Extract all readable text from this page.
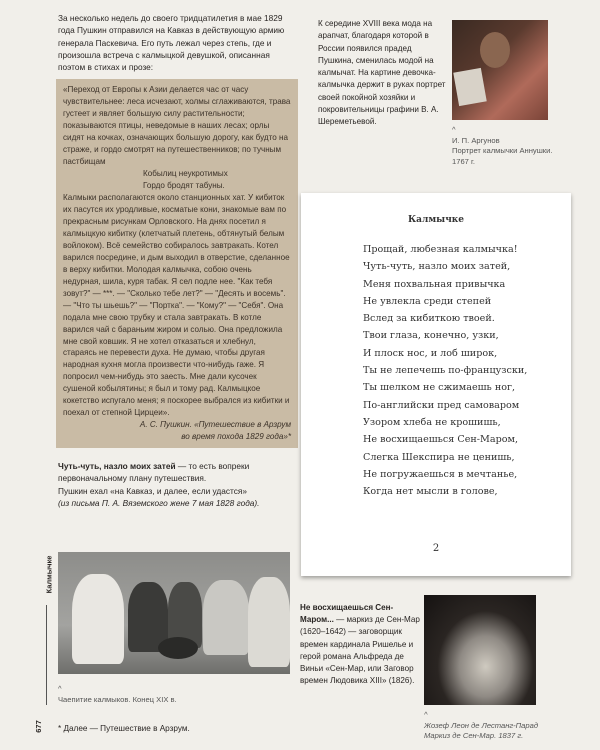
За несколько недель до своего тридцатилетия в мае 1829 года Пушкин отправился на Кавказ в действующую армию генерала Паскевича. Его путь лежал через степь, где и произошла встреча с калмыцкой девушкой, описанная поэтом в стихах и прозе:
«Переход от Европы к Азии делается час от часу чувствительнее: леса исчезают, холмы сглаживаются, трава густеет и являет большую силу растительности; показываются птицы, неведомые в наших лесах; орлы сидят на кочках, означающих большую дорогу, как будто на страже, и гордо смотрят на путешественников; по тучным пастбищам
Кобылиц неукротимых
Гордо бродят табуны.
Калмыки располагаются около станционных хат. У кибиток их пасутся их уродливые, косматые кони, знакомые вам по прекрасным рисункам Орловского. На днях посетил я калмыцкую кибитку (клетчатый плетень, обтянутый белым войлоком). Всё семейство собиралось завтракать. Котел варился посредине, и дым выходил в отверстие, сделанное в верху кибитки. Молодая калмычка, собою очень недурная, шила, куря табак. Я сел подле нее. "Как тебя зовут?" — ***. — "Сколько тебе лет?" — "Десять и восемь". — "Что ты шьешь?" — "Портка". — "Кому?" — "Себя". Она подала мне свою трубку и стала завтракать. В котле варился чай с бараньим жиром и солью. Она предложила мне свой ковшик. Я не хотел отказаться и хлебнул, стараясь не перевести духа. Не думаю, чтобы другая народная кухня могла произвести что-нибудь гаже. Я попросил чем-нибудь это заесть. Мне дали кусочек сушеной кобылятины; я был и тому рад. Калмыцкое кокетство испугало меня; я поскорее выбрался из кибитки и поехал от степной Цирцеи».
А. С. Пушкин. «Путешествие в Арзрум
во время похода 1829 года»*
Чуть-чуть, назло моих затей — то есть вопреки первоначальному плану путешествия.
Пушкин ехал «на Кавказ, и далее, если удастся»
(из письма П. А. Вяземского жене 7 мая 1828 года).
К середине XVIII века мода на арапчат, благодаря которой в России появился прадед Пушкина, сменилась модой на калмычат. На картине девочка-калмычка держит в руках портрет своей покойной хозяйки и покровительницы графини В. А. Шереметьевой.
^
И. П. Аргунов
Портрет калмычки Аннушки. 1767 г.
Калмычке
Прощай, любезная калмычка!
Чуть-чуть, назло моих затей,
Меня похвальная привычка
Не увлекла среди степей
Вслед за кибиткою твоей.
Твои глаза, конечно, узки,
И плоск нос, и лоб широк,
Ты не лепечешь по-французски,
Ты шелком не сжимаешь ног,
По-английски пред самоваром
Узором хлеба не крошишь,
Не восхищаешься Сен-Маром,
Слегка Шекспира не ценишь,
Не погружаешься в мечтанье,
Когда нет мысли в голове,
2
^
Чаепитие калмыков. Конец XIX в.
* Далее — Путешествие в Арзрум.
Калмычке
677
Не восхищаешься Сен-Маром... — маркиз де Сен-Мар (1620–1642) — заговорщик времен кардинала Ришелье и герой романа Альфреда де Виньи «Сен-Мар, или Заговор времен Людовика XIII» (1826).
^
Жозеф Леон де Лестанг-Парад
Маркиз де Сен-Мар. 1837 г.
